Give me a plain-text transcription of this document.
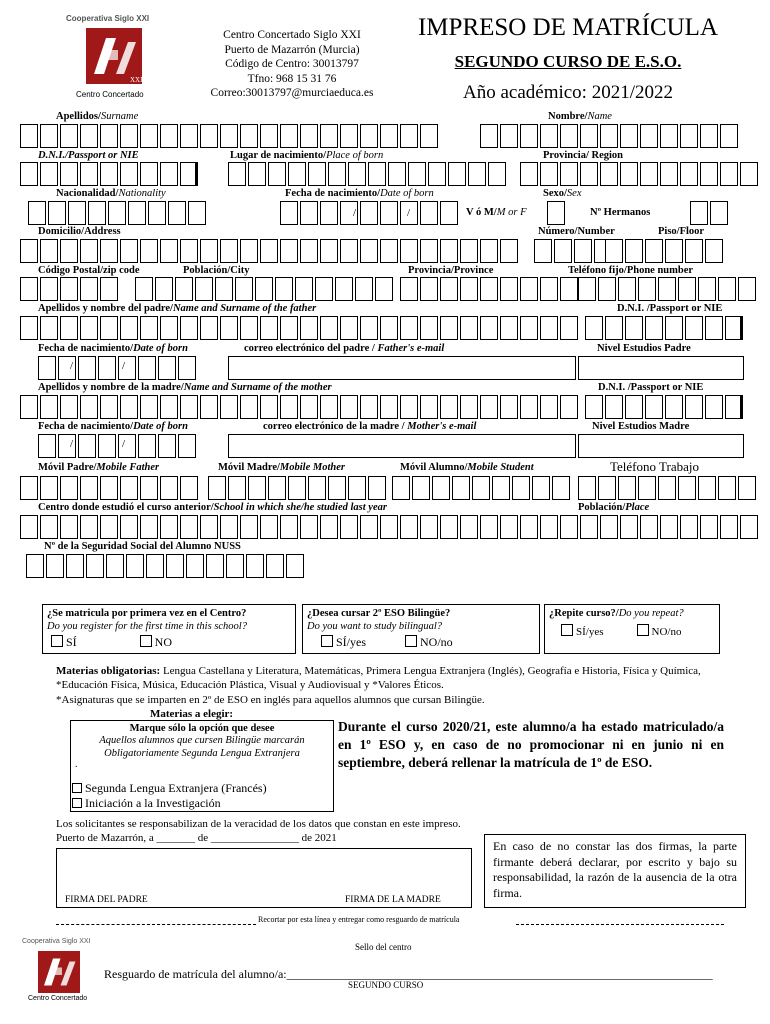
Cooperativa Siglo XXI
XXI
Centro Concertado
Centro Concertado Siglo XXI
Puerto de Mazarrón (Murcia)
Código de Centro: 30013797
Tfno: 968 15 31 76
Correo:30013797@murciaeduca.es
IMPRESO DE MATRÍCULA
SEGUNDO CURSO DE E.S.O.
Año académico: 2021/2022
Apellidos/Surname	Nombre/Name
D.N.I./Passport or NIE	Lugar de nacimiento/Place of born	Provincia/ Region
Nacionalidad/Nationality	Fecha de nacimiento/Date of born	Sexo/Sex
/	/	V ó M/M or F	Nº Hermanos
Domicilio/Address	Número/Number	Piso/Floor
Código Postal/zip code	Población/City	Provincia/Province	Teléfono fijo/Phone number
Apellidos y nombre del padre/Name and Surname of the father	D.N.I. /Passport or NIE
Fecha de nacimiento/Date of born	correo electrónico del padre / Father's e-mail	Nivel Estudios Padre
/	/
Apellidos y nombre de la madre/Name and Surname of the mother	D.N.I. /Passport or NIE
Fecha de nacimiento/Date of born	correo electrónico de la madre / Mother's e-mail	Nivel Estudios Madre
/	/
Móvil Padre/Mobile Father	Móvil Madre/Mobile Mother	Móvil Alumno/Mobile Student	Teléfono Trabajo
Centro donde estudió el curso anterior/School in which she/he studied last year	Población/Place
Nº de la Seguridad Social del Alumno NUSS
¿Se matricula por primera vez en el Centro?
Do you register for the first time in this school?
SÍ	NO
¿Desea cursar 2º ESO Bilingüe?
Do you want to study bilingual?
SÍ/yes	NO/no
¿Repite curso?/Do you repeat?
SÍ/yes	NO/no
Materias obligatorias: Lengua Castellana y Literatura, Matemáticas, Primera Lengua Extranjera (Inglés), Geografía e Historia, Física y Química, *Educación Física, Música, Educación Plástica, Visual y Audiovisual y *Valores Éticos.
*Asignaturas que se imparten en 2º de ESO en inglés para aquellos alumnos que cursan Bilingüe.
Materias a elegir:
Marque sólo la opción que desee
Aquellos alumnos que cursen Bilingüe marcarán Obligatoriamente Segunda Lengua Extranjera
.
Segunda Lengua Extranjera (Francés)
Iniciación a la Investigación
Durante el curso 2020/21, este alumno/a ha estado matriculado/a en 1º ESO y, en caso de no promocionar ni en junio ni en septiembre, deberá rellenar la matrícula de 1º de ESO.
Los solicitantes se responsabilizan de la veracidad de los datos que constan en este impreso.
Puerto de Mazarrón, a _______ de ________________ de 2021
FIRMA DEL PADRE	FIRMA DE LA MADRE
En caso de no constar las dos firmas, la parte firmante deberá declarar, por escrito y bajo su responsabilidad, la razón de la ausencia de la otra firma.
Recortar por esta línea y entregar como resguardo de matrícula
Cooperativa Siglo XXI
Centro Concertado
Sello del centro
Resguardo de matrícula del alumno/a:_______________________________________________________________________
SEGUNDO CURSO
